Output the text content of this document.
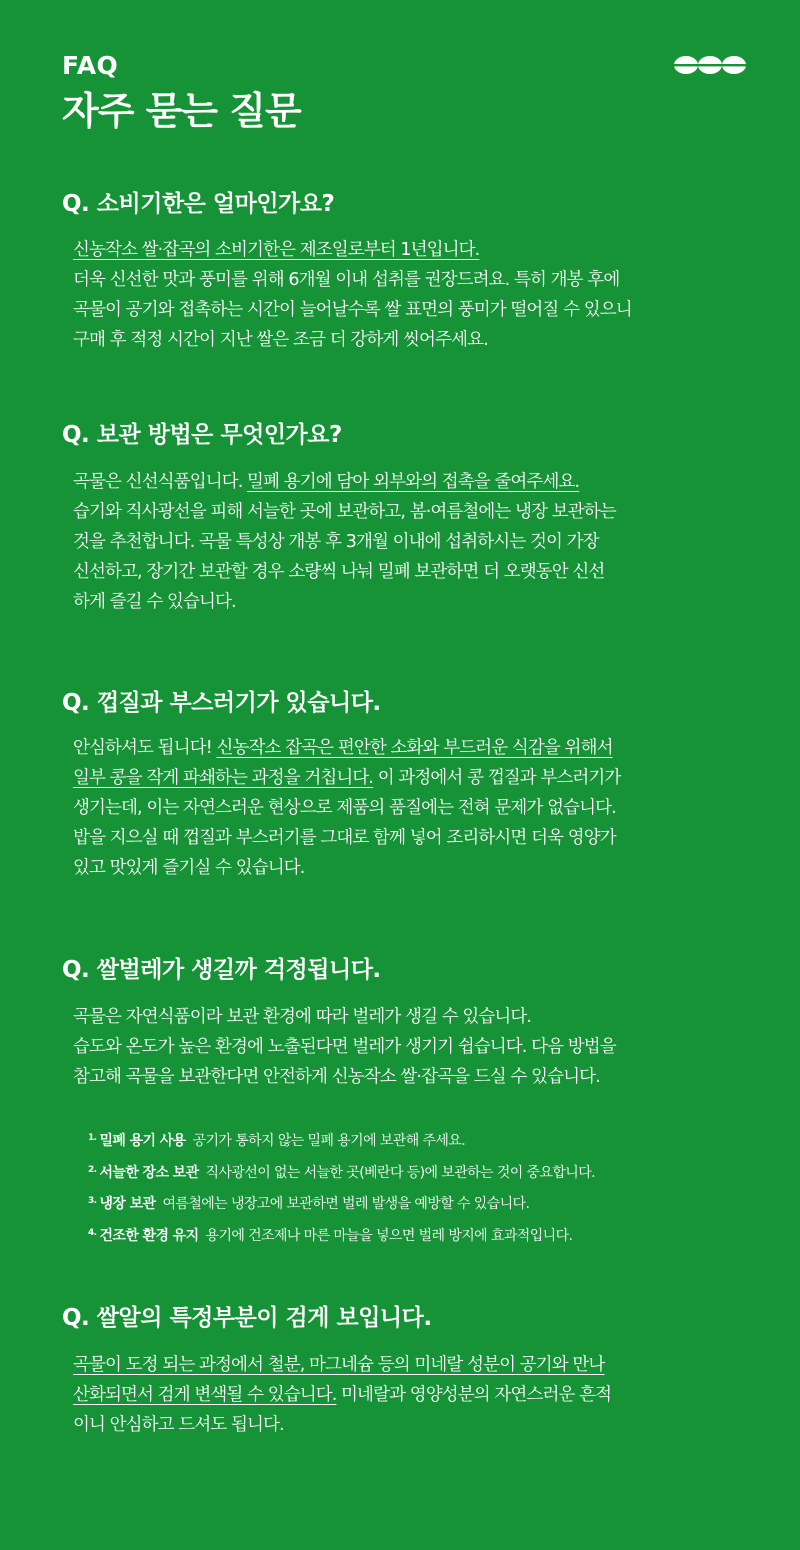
FAQ
자주 묻는 질문
Q. 소비기한은 얼마인가요?
신농작소 쌀·잡곡의 소비기한은 제조일로부터 1년입니다.
더욱 신선한 맛과 풍미를 위해 6개월 이내 섭취를 권장드려요. 특히 개봉 후에
곡물이 공기와 접촉하는 시간이 늘어날수록 쌀 표면의 풍미가 떨어질 수 있으니
구매 후 적정 시간이 지난 쌀은 조금 더 강하게 씻어주세요.
Q. 보관 방법은 무엇인가요?
곡물은 신선식품입니다. 밀폐 용기에 담아 외부와의 접촉을 줄여주세요.
습기와 직사광선을 피해 서늘한 곳에 보관하고, 봄·여름철에는 냉장 보관하는
것을 추천합니다. 곡물 특성상 개봉 후 3개월 이내에 섭취하시는 것이 가장
신선하고, 장기간 보관할 경우 소량씩 나눠 밀폐 보관하면 더 오랫동안 신선
하게 즐길 수 있습니다.
Q. 껍질과 부스러기가 있습니다.
안심하셔도 됩니다! 신농작소 잡곡은 편안한 소화와 부드러운 식감을 위해서
일부 콩을 작게 파쇄하는 과정을 거칩니다. 이 과정에서 콩 껍질과 부스러기가
생기는데, 이는 자연스러운 현상으로 제품의 품질에는 전혀 문제가 없습니다.
밥을 지으실 때 껍질과 부스러기를 그대로 함께 넣어 조리하시면 더욱 영양가
있고 맛있게 즐기실 수 있습니다.
Q. 쌀벌레가 생길까 걱정됩니다.
곡물은 자연식품이라 보관 환경에 따라 벌레가 생길 수 있습니다.
습도와 온도가 높은 환경에 노출된다면 벌레가 생기기 쉽습니다. 다음 방법을
참고해 곡물을 보관한다면 안전하게 신농작소 쌀·잡곡을 드실 수 있습니다.
$^{1.}$ 밀폐 용기 사용 공기가 통하지 않는 밀폐 용기에 보관해 주세요.
$^{2.}$ 서늘한 장소 보관 직사광선이 없는 서늘한 곳(베란다 등)에 보관하는 것이 중요합니다.
$^{3.}$ 냉장 보관 여름철에는 냉장고에 보관하면 벌레 발생을 예방할 수 있습니다.
$^{4.}$ 건조한 환경 유지 용기에 건조제나 마른 마늘을 넣으면 벌레 방지에 효과적입니다.
Q. 쌀알의 특정부분이 검게 보입니다.
곡물이 도정 되는 과정에서 철분, 마그네슘 등의 미네랄 성분이 공기와 만나
산화되면서 검게 변색될 수 있습니다. 미네랄과 영양성분의 자연스러운 흔적
이니 안심하고 드셔도 됩니다.
